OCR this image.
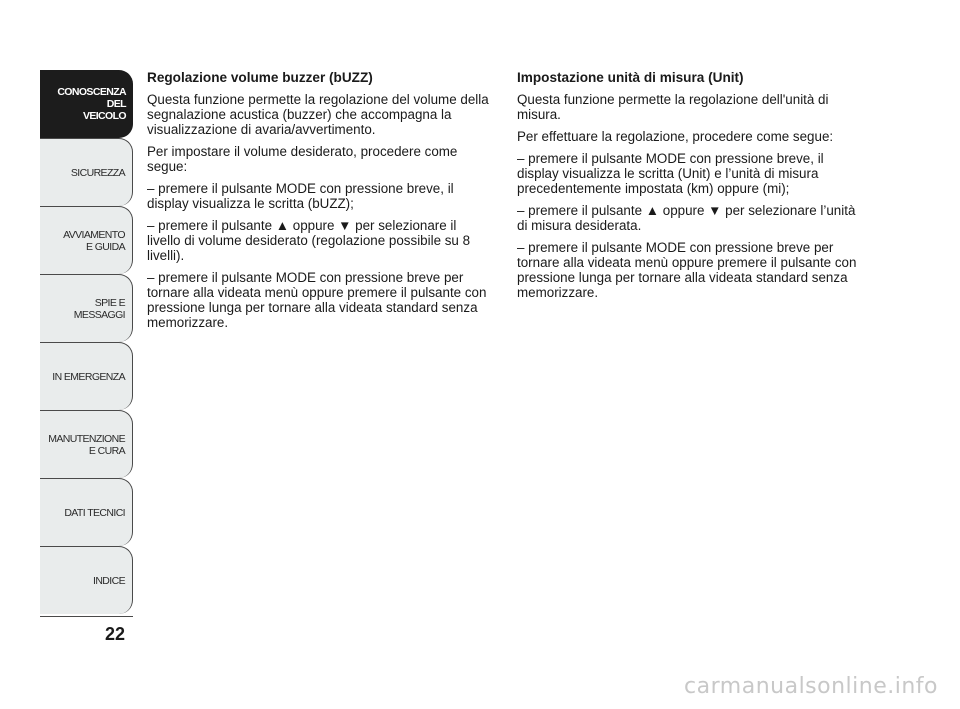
CONOSCENZA
DEL
VEICOLO
SICUREZZA
AVVIAMENTO
E GUIDA
SPIE E
MESSAGGI
IN EMERGENZA
MANUTENZIONE
E CURA
DATI TECNICI
INDICE
22
Regolazione volume buzzer (bUZZ)

Questa funzione permette la regolazione del volume della segnalazione acustica (buzzer) che accompagna la visualizzazione di avaria/avvertimento.

Per impostare il volume desiderato, procedere come segue:

– premere il pulsante MODE con pressione breve, il display visualizza le scritta (bUZZ);

– premere il pulsante ▲ oppure ▼ per selezionare il livello di volume desiderato (regolazione possibile su 8 livelli).

– premere il pulsante MODE con pressione breve per tornare alla videata menù oppure premere il pulsante con pressione lunga per tornare alla videata standard senza memorizzare.

Impostazione unità di misura (Unit)

Questa funzione permette la regolazione dell'unità di misura.

Per effettuare la regolazione, procedere come segue:

– premere il pulsante MODE con pressione breve, il display visualizza le scritta (Unit) e l’unità di misura precedentemente impostata (km) oppure (mi);

– premere il pulsante ▲ oppure ▼ per selezionare l’unità di misura desiderata.

– premere il pulsante MODE con pressione breve per tornare alla videata menù oppure premere il pulsante con pressione lunga per tornare alla videata standard senza memorizzare.

carmanualsonline.info
